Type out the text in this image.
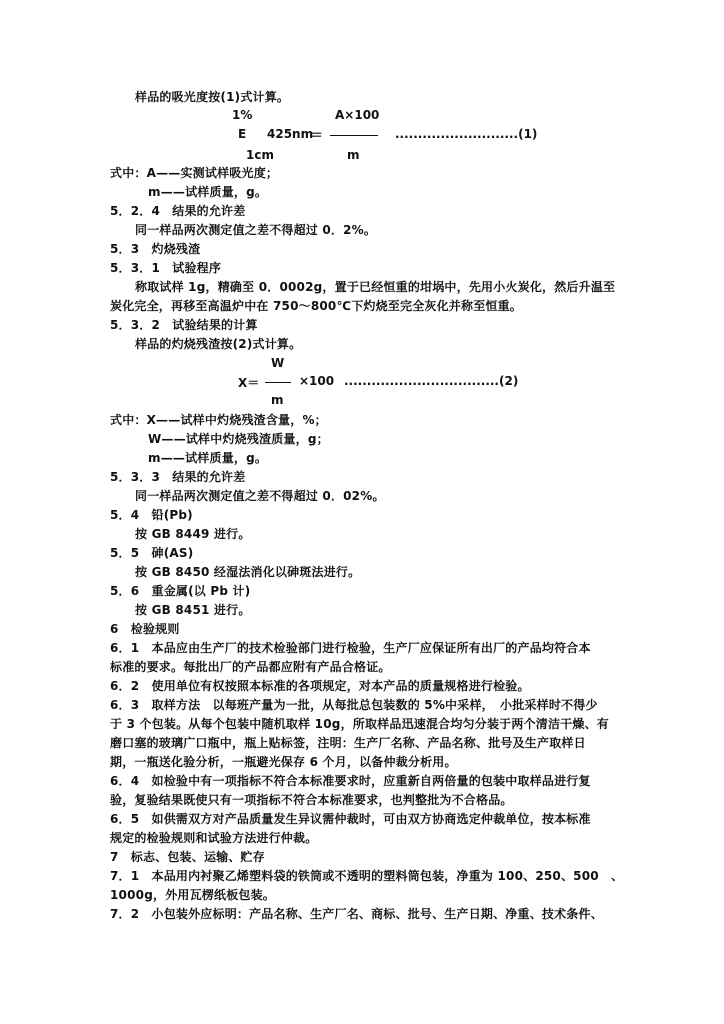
样品的吸光度按(1)式计算。
1%	A×100
E 425nm
＝	...........................(1)
1cm	m
式中：A——实测试样吸光度；
m——试样质量，g。
5．2．4　结果的允许差
同一样品两次测定值之差不得超过 0．2%。
5．3　灼烧残渣
5．3．1　试验程序
称取试样 1g，精确至 0．0002g，置于已经恒重的坩埚中，先用小火炭化，然后升温至
炭化完全，再移至高温炉中在 750～800℃下灼烧至完全灰化并称至恒重。
5．3．2　试验结果的计算
样品的灼烧残渣按(2)式计算。
W
X＝	×100 ..................................(2)
m
式中：X——试样中灼烧残渣含量，%；
W——试样中灼烧残渣质量，g；
m——试样质量，g。
5．3．3　结果的允许差
同一样品两次测定值之差不得超过 0．02%。
5．4　铅(Pb)
按 GB 8449 进行。
5．5　砷(AS)
按 GB 8450 经湿法消化以砷斑法进行。
5．6　重金属(以 Pb 计)
按 GB 8451 进行。
6　检验规则
6．1　本品应由生产厂的技术检验部门进行检验，生产厂应保证所有出厂的产品均符合本
标准的要求。每批出厂的产品都应附有产品合格证。
6．2　使用单位有权按照本标准的各项规定，对本产品的质量规格进行检验。
6．3　取样方法　以每班产量为一批，从每批总包装数的 5%中采样，　小批采样时不得少
于 3 个包装。从每个包装中随机取样 10g，所取样品迅速混合均匀分装于两个清洁干燥、有
磨口塞的玻璃广口瓶中，瓶上贴标签，注明：生产厂名称、产品名称、批号及生产取样日
期，一瓶送化验分析，一瓶避光保存 6 个月，以备仲裁分析用。
6．4　如检验中有一项指标不符合本标准要求时，应重新自两倍量的包装中取样品进行复
验，复验结果既使只有一项指标不符合本标准要求，也判整批为不合格品。
6．5　如供需双方对产品质量发生异议需仲裁时，可由双方协商选定仲裁单位，按本标准
规定的检验规则和试验方法进行仲裁。
7　标志、包装、运输、贮存
7．1　本品用内衬聚乙烯塑料袋的铁筒或不透明的塑料筒包装，净重为 100、250、500　、
1000g，外用瓦楞纸板包装。
7．2　小包装外应标明：产品名称、生产厂名、商标、批号、生产日期、净重、技术条件、
